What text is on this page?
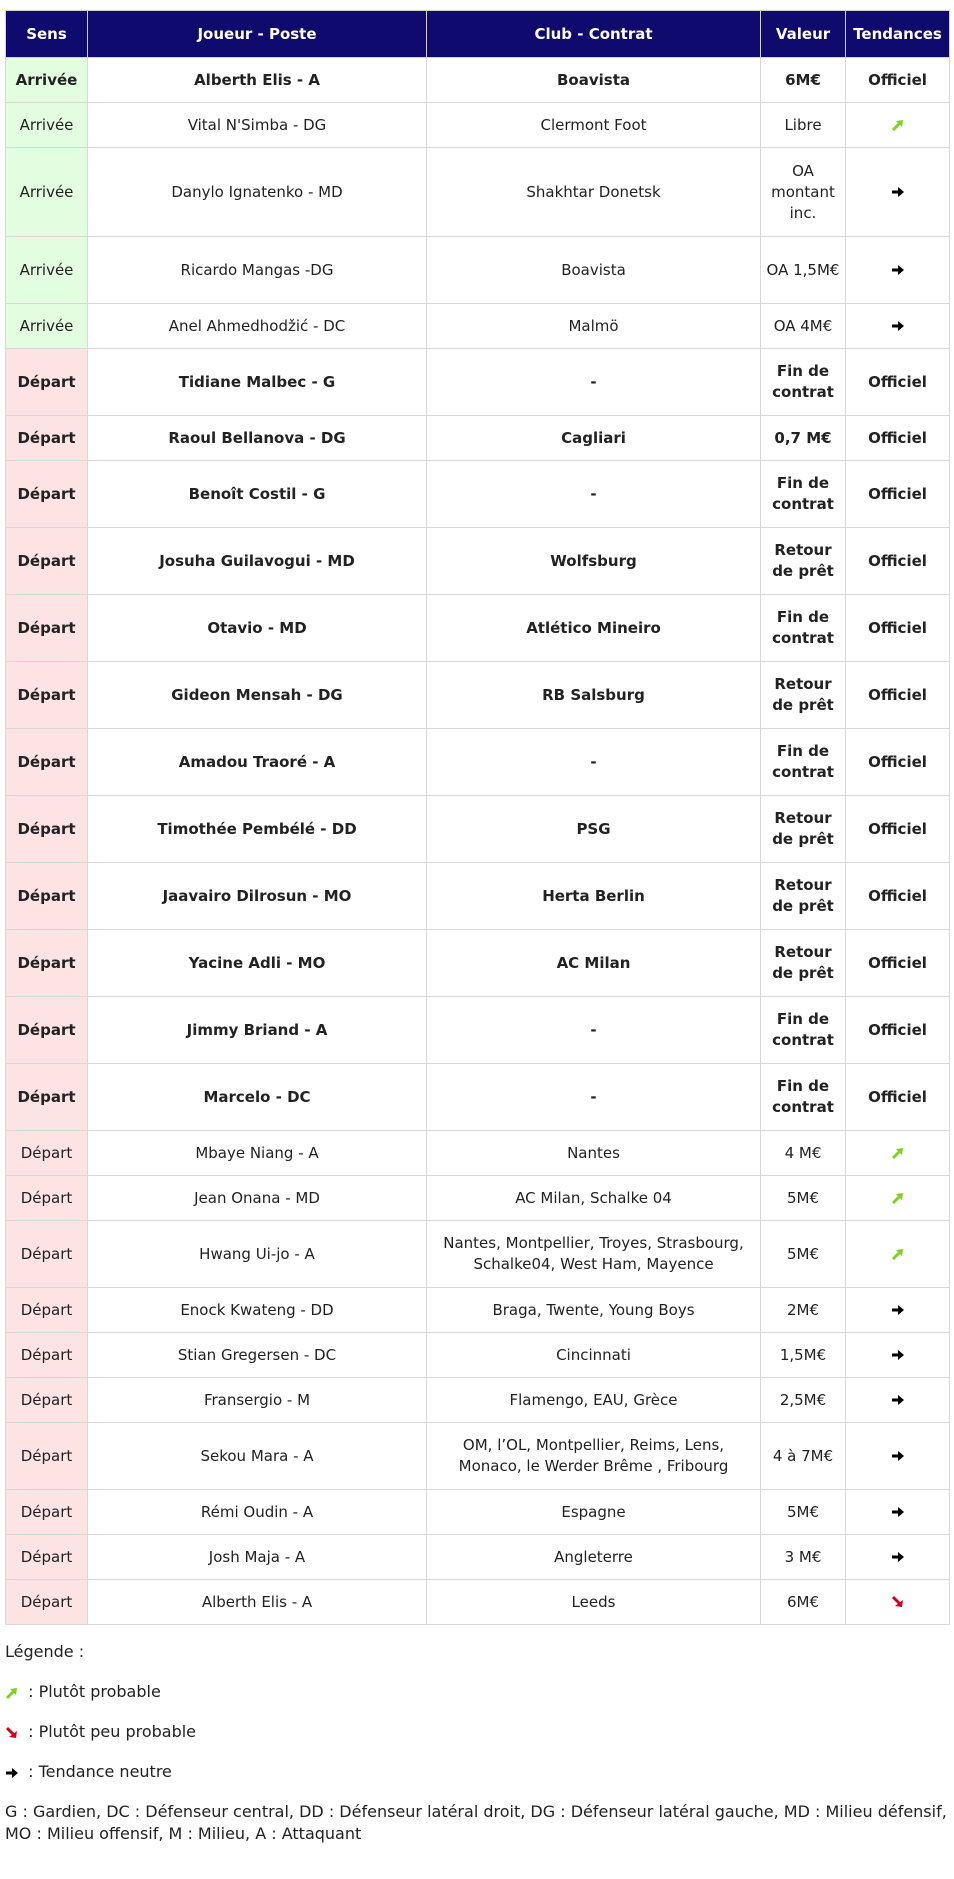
Sens	Joueur - Poste	Club - Contrat	Valeur	Tendances
Arrivée	Alberth Elis - A	Boavista	6M€	Officiel
Arrivée	Vital N'Simba - DG	Clermont Foot	Libre	
Arrivée	Danylo Ignatenko - MD	Shakhtar Donetsk	OA montant inc.	
Arrivée	Ricardo Mangas -DG	Boavista	OA 1,5M€	
Arrivée	Anel Ahmedhodžić - DC	Malmö	OA 4M€	
Départ	Tidiane Malbec - G	-	Fin de contrat	Officiel
Départ	Raoul Bellanova - DG	Cagliari	0,7 M€	Officiel
Départ	Benoît Costil - G	-	Fin de contrat	Officiel
Départ	Josuha Guilavogui - MD	Wolfsburg	Retour de prêt	Officiel
Départ	Otavio - MD	Atlético Mineiro	Fin de contrat	Officiel
Départ	Gideon Mensah - DG	RB Salsburg	Retour de prêt	Officiel
Départ	Amadou Traoré - A	-	Fin de contrat	Officiel
Départ	Timothée Pembélé - DD	PSG	Retour de prêt	Officiel
Départ	Jaavairo Dilrosun - MO	Herta Berlin	Retour de prêt	Officiel
Départ	Yacine Adli - MO	AC Milan	Retour de prêt	Officiel
Départ	Jimmy Briand - A	-	Fin de contrat	Officiel
Départ	Marcelo - DC	-	Fin de contrat	Officiel
Départ	Mbaye Niang - A	Nantes	4 M€	
Départ	Jean Onana - MD	AC Milan, Schalke 04	5M€	
Départ	Hwang Ui-jo - A	Nantes, Montpellier, Troyes, Strasbourg, Schalke04, West Ham, Mayence	5M€	
Départ	Enock Kwateng - DD	Braga, Twente, Young Boys	2M€	
Départ	Stian Gregersen - DC	Cincinnati	1,5M€	
Départ	Fransergio - M	Flamengo, EAU, Grèce	2,5M€	
Départ	Sekou Mara - A	OM, l’OL, Montpellier, Reims, Lens, Monaco, le Werder Brême , Fribourg	4 à 7M€	
Départ	Rémi Oudin - A	Espagne	5M€	
Départ	Josh Maja - A	Angleterre	3 M€	
Départ	Alberth Elis - A	Leeds	6M€	

Légende :

: Plutôt probable

: Plutôt peu probable

: Tendance neutre

G : Gardien, DC : Défenseur central, DD : Défenseur latéral droit, DG : Défenseur latéral gauche, MD : Milieu défensif, MO : Milieu offensif, M : Milieu, A : Attaquant
